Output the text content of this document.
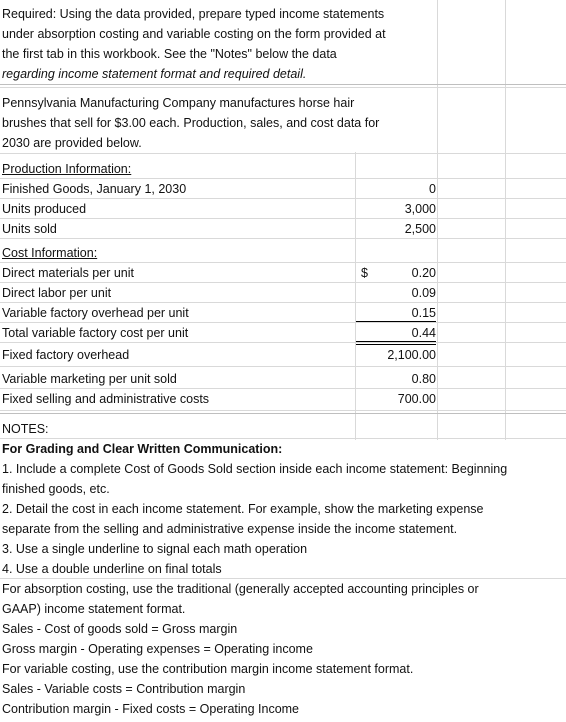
Required: Using the data provided, prepare typed income statements
under absorption costing and variable costing on the form provided at
the first tab in this workbook. See the "Notes" below the data
regarding income statement format and required detail.
Pennsylvania Manufacturing Company manufactures horse hair
brushes that sell for $3.00 each. Production, sales, and cost data for
2030 are provided below.
Production Information:
Finished Goods, January 1, 2030	0
Units produced	3,000
Units sold	2,500
Cost Information:
Direct materials per unit	$	0.20
Direct labor per unit	0.09
Variable factory overhead per unit	0.15
Total variable factory cost per unit	0.44
Fixed factory overhead	2,100.00
Variable marketing per unit sold	0.80
Fixed selling and administrative costs	700.00
NOTES:
For Grading and Clear Written Communication:
1. Include a complete Cost of Goods Sold section inside each income statement: Beginning
finished goods, etc.
2. Detail the cost in each income statement. For example, show the marketing expense
separate from the selling and administrative expense inside the income statement.
3. Use a single underline to signal each math operation
4. Use a double underline on final totals
For absorption costing, use the traditional (generally accepted accounting principles or
GAAP) income statement format.
Sales - Cost of goods sold = Gross margin
Gross margin - Operating expenses = Operating income
For variable costing, use the contribution margin income statement format.
Sales - Variable costs = Contribution margin
Contribution margin - Fixed costs = Operating Income
